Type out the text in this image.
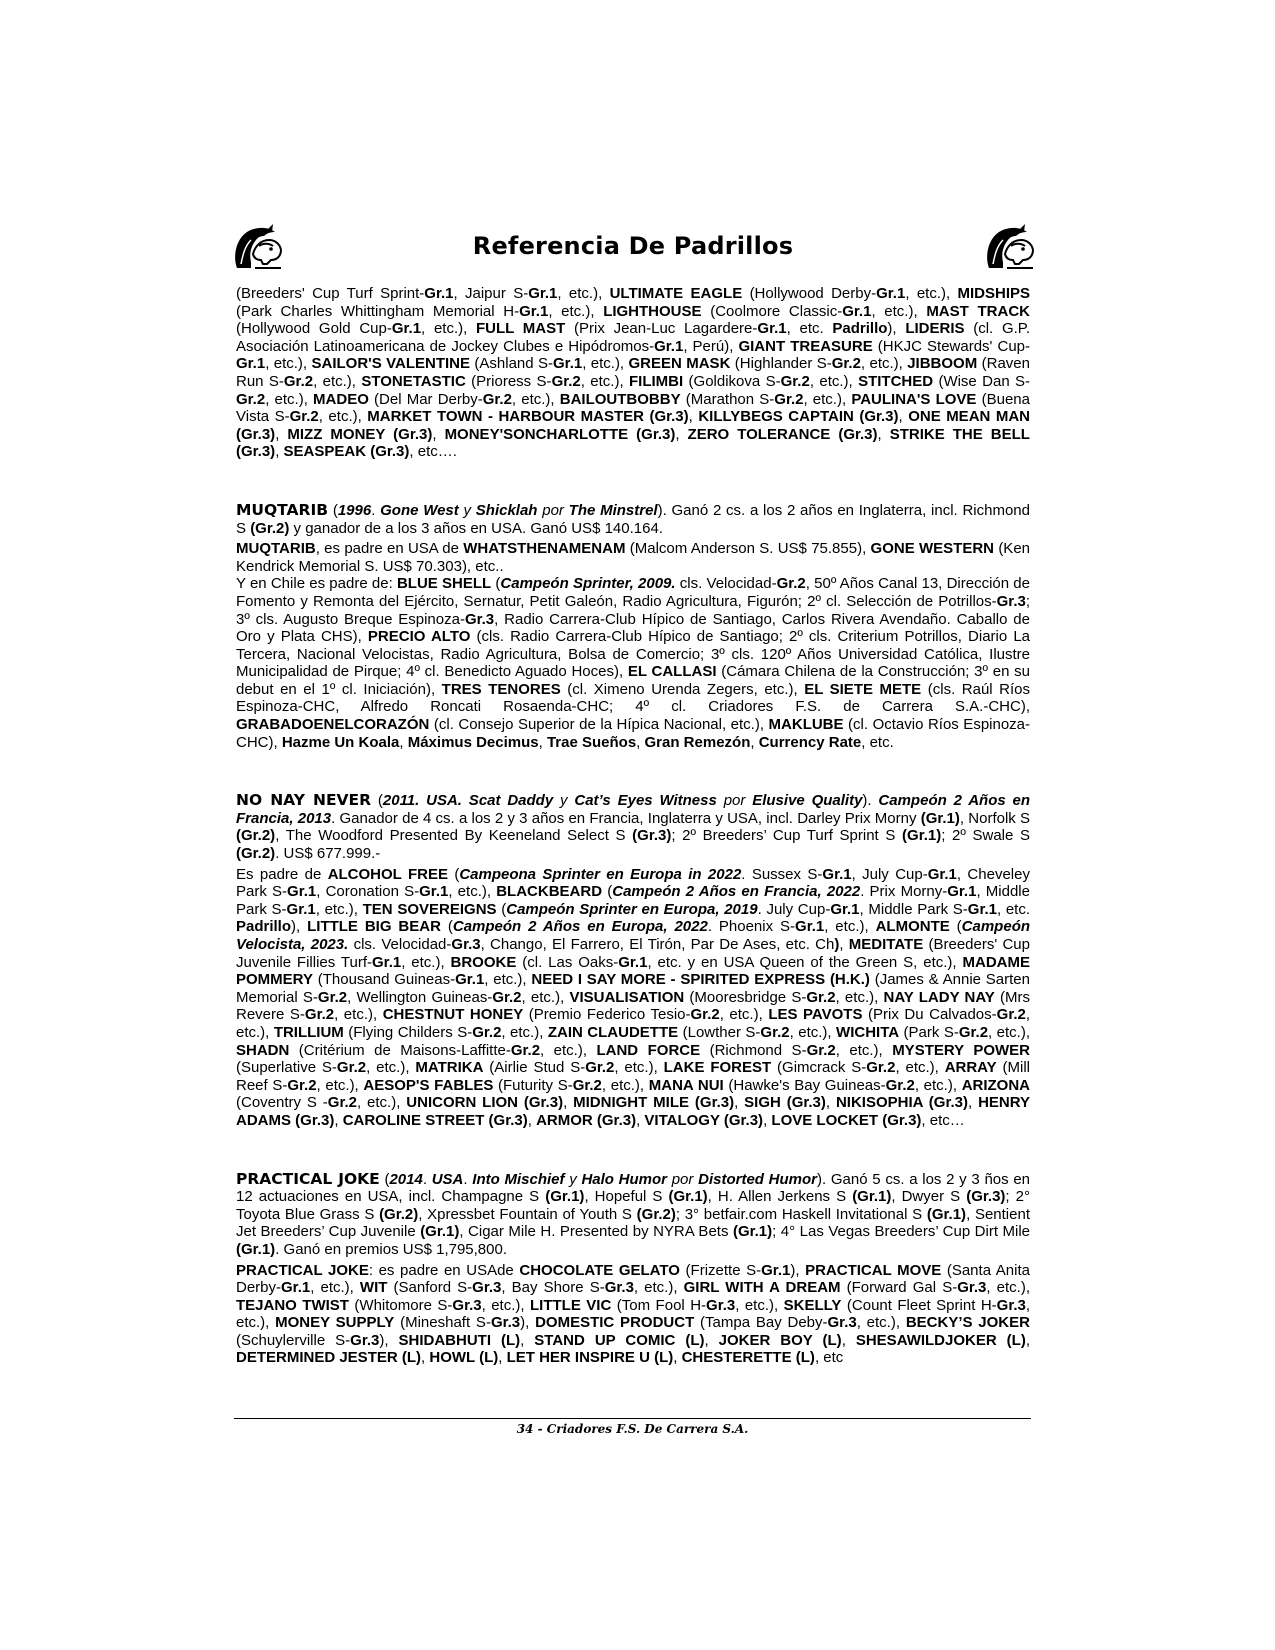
Referencia De Padrillos

(Breeders' Cup Turf Sprint-Gr.1, Jaipur S-Gr.1, etc.), ULTIMATE EAGLE (Hollywood Derby-Gr.1, etc.), MIDSHIPS (Park Charles Whittingham Memorial H-Gr.1, etc.), LIGHTHOUSE (Coolmore Classic-Gr.1, etc.), MAST TRACK (Hollywood Gold Cup-Gr.1, etc.), FULL MAST (Prix Jean-Luc Lagardere-Gr.1, etc. Padrillo), LIDERIS (cl. G.P. Asociación Latinoamericana de Jockey Clubes e Hipódromos-Gr.1, Perú), GIANT TREASURE (HKJC Stewards' Cup-Gr.1, etc.), SAILOR'S VALENTINE (Ashland S-Gr.1, etc.), GREEN MASK (Highlander S-Gr.2, etc.), JIBBOOM (Raven Run S-Gr.2, etc.), STONETASTIC (Prioress S-Gr.2, etc.), FILIMBI (Goldikova S-Gr.2, etc.), STITCHED (Wise Dan S-Gr.2, etc.), MADEO (Del Mar Derby-Gr.2, etc.), BAILOUTBOBBY (Marathon S-Gr.2, etc.), PAULINA'S LOVE (Buena Vista S-Gr.2, etc.), MARKET TOWN - HARBOUR MASTER (Gr.3), KILLYBEGS CAPTAIN (Gr.3), ONE MEAN MAN (Gr.3), MIZZ MONEY (Gr.3), MONEY'SONCHARLOTTE (Gr.3), ZERO TOLERANCE (Gr.3), STRIKE THE BELL (Gr.3), SEASPEAK (Gr.3), etc….

MUQTARIB (1996. Gone West y Shicklah por The Minstrel). Ganó 2 cs. a los 2 años en Inglaterra, incl. Richmond S (Gr.2) y ganador de a los 3 años en USA. Ganó US$ 140.164.

MUQTARIB, es padre en USA de WHATSTHENAMENAM (Malcom Anderson S. US$ 75.855), GONE WESTERN (Ken Kendrick Memorial S. US$ 70.303), etc..

Y en Chile es padre de: BLUE SHELL (Campeón Sprinter, 2009. cls. Velocidad-Gr.2, 50º Años Canal 13, Dirección de Fomento y Remonta del Ejército, Sernatur, Petit Galeón, Radio Agricultura, Figurón; 2º cl. Selección de Potrillos-Gr.3; 3º cls. Augusto Breque Espinoza-Gr.3, Radio Carrera-Club Hípico de Santiago, Carlos Rivera Avendaño. Caballo de Oro y Plata CHS), PRECIO ALTO (cls. Radio Carrera-Club Hípico de Santiago; 2º cls. Criterium Potrillos, Diario La Tercera, Nacional Velocistas, Radio Agricultura, Bolsa de Comercio; 3º cls. 120º Años Universidad Católica, Ilustre Municipalidad de Pirque; 4º cl. Benedicto Aguado Hoces), EL CALLASI (Cámara Chilena de la Construcción; 3º en su debut en el 1º cl. Iniciación), TRES TENORES (cl. Ximeno Urenda Zegers, etc.), EL SIETE METE (cls. Raúl Ríos Espinoza-CHC, Alfredo Roncati Rosaenda-CHC; 4º cl. Criadores F.S. de Carrera S.A.-CHC), GRABADOENELCORAZÓN (cl. Consejo Superior de la Hípica Nacional, etc.), MAKLUBE (cl. Octavio Ríos Espinoza-CHC), Hazme Un Koala, Máximus Decimus, Trae Sueños, Gran Remezón, Currency Rate, etc.

NO NAY NEVER (2011. USA. Scat Daddy y Cat’s Eyes Witness por Elusive Quality). Campeón 2 Años en Francia, 2013. Ganador de 4 cs. a los 2 y 3 años en Francia, Inglaterra y USA, incl. Darley Prix Morny (Gr.1), Norfolk S (Gr.2), The Woodford Presented By Keeneland Select S (Gr.3); 2º Breeders’ Cup Turf Sprint S (Gr.1); 2º Swale S (Gr.2). US$ 677.999.-

Es padre de ALCOHOL FREE (Campeona Sprinter en Europa in 2022. Sussex S-Gr.1, July Cup-Gr.1, Cheveley Park S-Gr.1, Coronation S-Gr.1, etc.), BLACKBEARD (Campeón 2 Años en Francia, 2022. Prix Morny-Gr.1, Middle Park S-Gr.1, etc.), TEN SOVEREIGNS (Campeón Sprinter en Europa, 2019. July Cup-Gr.1, Middle Park S-Gr.1, etc. Padrillo), LITTLE BIG BEAR (Campeón 2 Años en Europa, 2022. Phoenix S-Gr.1, etc.), ALMONTE (Campeón Velocista, 2023. cls. Velocidad-Gr.3, Chango, El Farrero, El Tirón, Par De Ases, etc. Ch), MEDITATE (Breeders' Cup Juvenile Fillies Turf-Gr.1, etc.), BROOKE (cl. Las Oaks-Gr.1, etc. y en USA Queen of the Green S, etc.), MADAME POMMERY (Thousand Guineas-Gr.1, etc.), NEED I SAY MORE - SPIRITED EXPRESS (H.K.) (James & Annie Sarten Memorial S-Gr.2, Wellington Guineas-Gr.2, etc.), VISUALISATION (Mooresbridge S-Gr.2, etc.), NAY LADY NAY (Mrs Revere S-Gr.2, etc.), CHESTNUT HONEY (Premio Federico Tesio-Gr.2, etc.), LES PAVOTS (Prix Du Calvados-Gr.2, etc.), TRILLIUM (Flying Childers S-Gr.2, etc.), ZAIN CLAUDETTE (Lowther S-Gr.2, etc.), WICHITA (Park S-Gr.2, etc.), SHADN (Critérium de Maisons-Laffitte-Gr.2, etc.), LAND FORCE (Richmond S-Gr.2, etc.), MYSTERY POWER (Superlative S-Gr.2, etc.), MATRIKA (Airlie Stud S-Gr.2, etc.), LAKE FOREST (Gimcrack S-Gr.2, etc.), ARRAY (Mill Reef S-Gr.2, etc.), AESOP'S FABLES (Futurity S-Gr.2, etc.), MANA NUI (Hawke's Bay Guineas-Gr.2, etc.), ARIZONA (Coventry S -Gr.2, etc.), UNICORN LION (Gr.3), MIDNIGHT MILE (Gr.3), SIGH (Gr.3), NIKISOPHIA (Gr.3), HENRY ADAMS (Gr.3), CAROLINE STREET (Gr.3), ARMOR (Gr.3), VITALOGY (Gr.3), LOVE LOCKET (Gr.3), etc…

PRACTICAL JOKE (2014. USA. Into Mischief y Halo Humor por Distorted Humor). Ganó 5 cs. a los 2 y 3 ños en 12 actuaciones en USA, incl. Champagne S (Gr.1), Hopeful S (Gr.1), H. Allen Jerkens S (Gr.1), Dwyer S (Gr.3); 2° Toyota Blue Grass S (Gr.2), Xpressbet Fountain of Youth S (Gr.2); 3° betfair.com Haskell Invitational S (Gr.1), Sentient Jet Breeders’ Cup Juvenile (Gr.1), Cigar Mile H. Presented by NYRA Bets (Gr.1); 4° Las Vegas Breeders’ Cup Dirt Mile (Gr.1). Ganó en premios US$ 1,795,800.

PRACTICAL JOKE: es padre en USAde CHOCOLATE GELATO (Frizette S-Gr.1), PRACTICAL MOVE (Santa Anita Derby-Gr.1, etc.), WIT (Sanford S-Gr.3, Bay Shore S-Gr.3, etc.), GIRL WITH A DREAM (Forward Gal S-Gr.3, etc.), TEJANO TWIST (Whitomore S-Gr.3, etc.), LITTLE VIC (Tom Fool H-Gr.3, etc.), SKELLY (Count Fleet Sprint H-Gr.3, etc.), MONEY SUPPLY (Mineshaft S-Gr.3), DOMESTIC PRODUCT (Tampa Bay Deby-Gr.3, etc.), BECKY’S JOKER (Schuylerville S-Gr.3), SHIDABHUTI (L), STAND UP COMIC (L), JOKER BOY (L), SHESAWILDJOKER (L), DETERMINED JESTER (L), HOWL (L), LET HER INSPIRE U (L), CHESTERETTE (L), etc

34 - Criadores F.S. De Carrera S.A.
